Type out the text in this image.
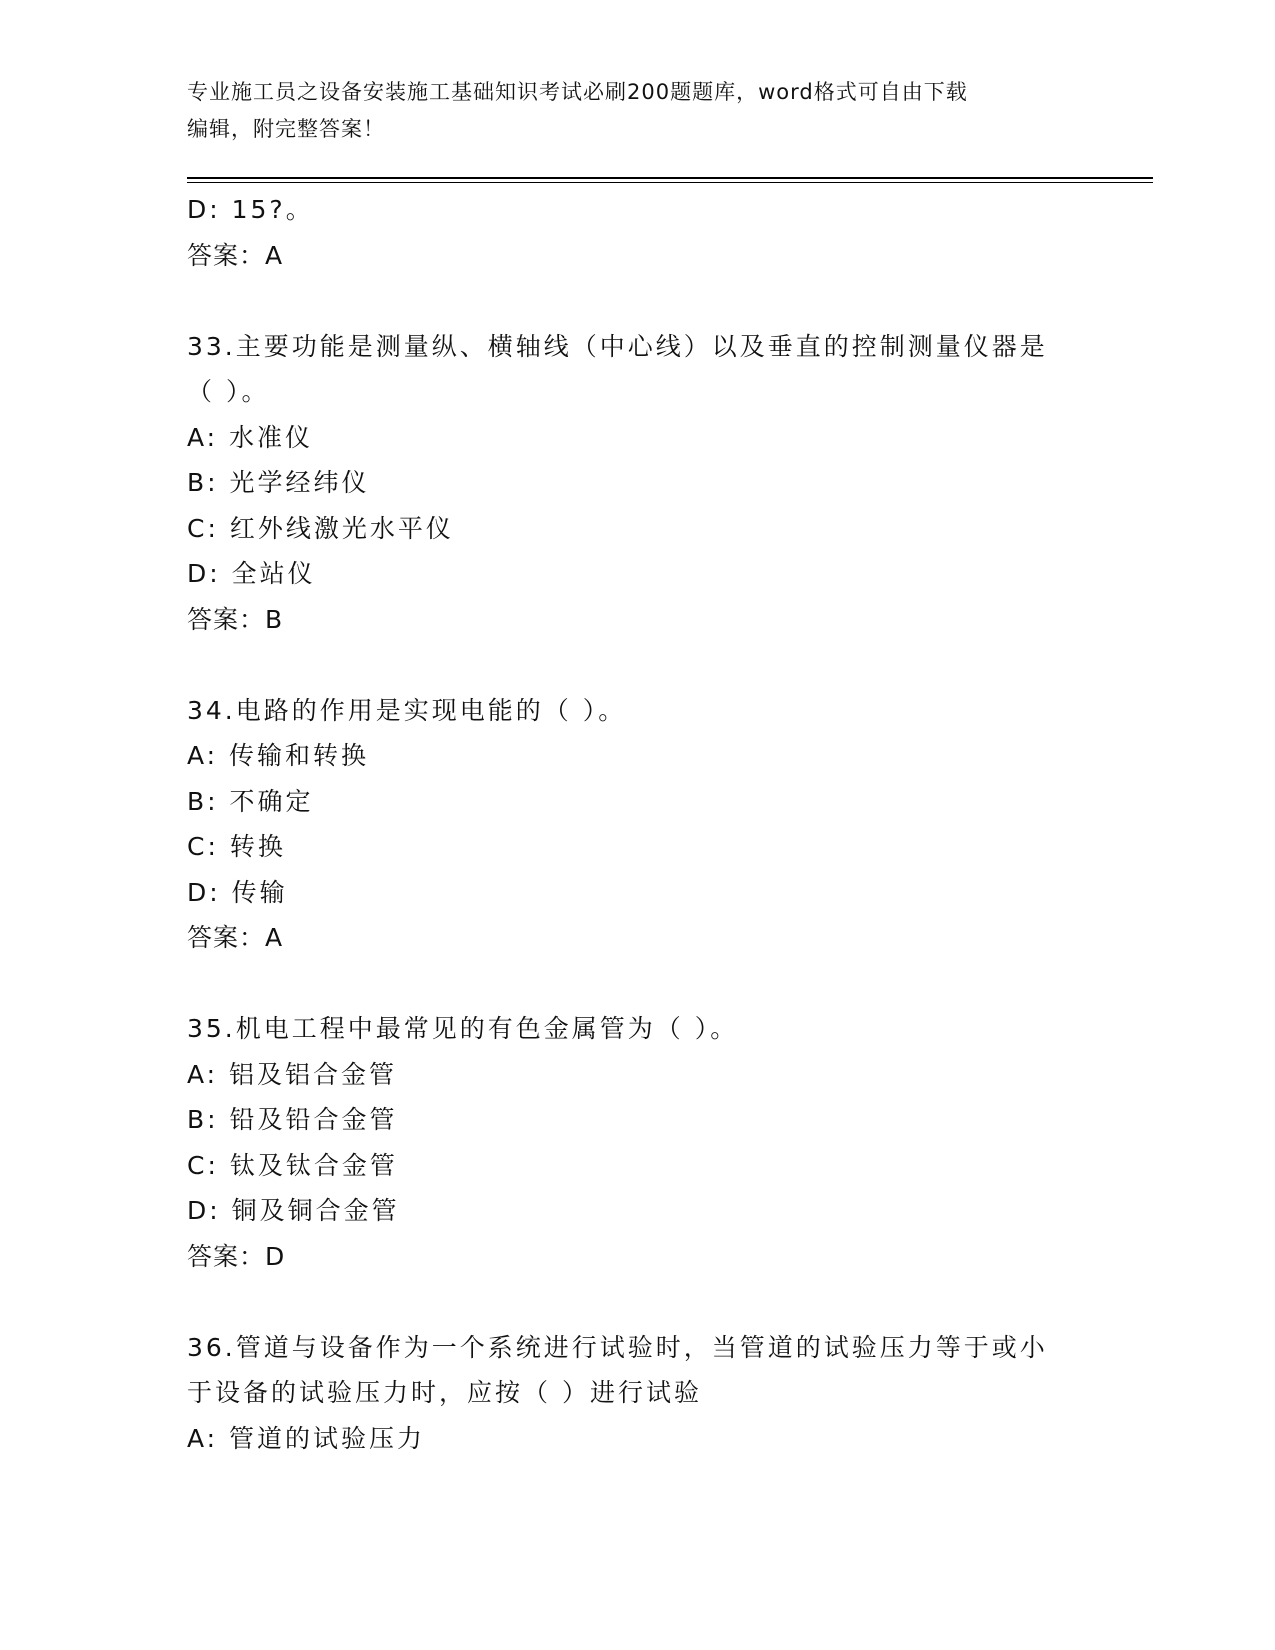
专业施工员之设备安装施工基础知识考试必刷200题题库，word格式可自由下载
编辑，附完整答案！
D: 15?。
答案：A
33.主要功能是测量纵、横轴线（中心线）以及垂直的控制测量仪器是
（ ）。
A: 水准仪
B: 光学经纬仪
C: 红外线激光水平仪
D: 全站仪
答案：B
34.电路的作用是实现电能的（ ）。
A: 传输和转换
B: 不确定
C: 转换
D: 传输
答案：A
35.机电工程中最常见的有色金属管为（ ）。
A: 铝及铝合金管
B: 铅及铅合金管
C: 钛及钛合金管
D: 铜及铜合金管
答案：D
36.管道与设备作为一个系统进行试验时，当管道的试验压力等于或小
于设备的试验压力时，应按（ ）进行试验
A: 管道的试验压力
